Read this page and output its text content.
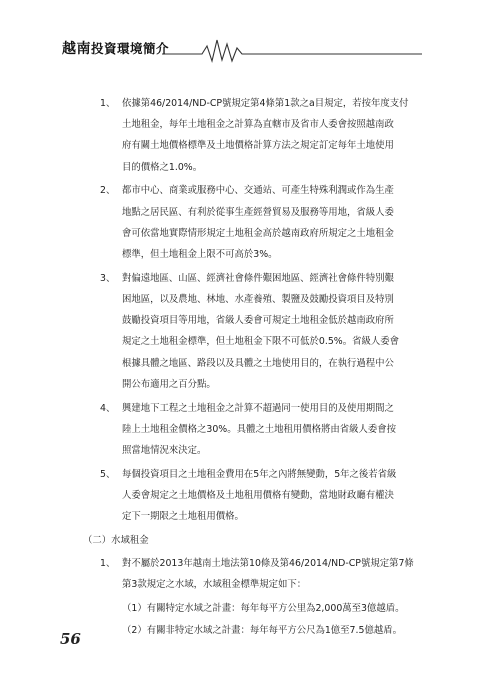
越南投資環境簡介
1、 依據第46/2014/ND-CP號規定第4條第1款之a目規定，若按年度支付
土地租金，每年土地租金之計算為直轄市及省市人委會按照越南政
府有關土地價格標準及土地價格計算方法之規定訂定每年土地使用
目的價格之1.0%。
2、 都市中心、商業或服務中心、交通站、可產生特殊利潤或作為生產
地點之居民區、有利於從事生產經營貿易及服務等用地，省級人委
會可依當地實際情形規定土地租金高於越南政府所規定之土地租金
標準，但土地租金上限不可高於3%。
3、 對偏遠地區、山區、經濟社會條件艱困地區、經濟社會條件特別艱
困地區，以及農地、林地、水產養殖、製鹽及鼓勵投資項目及特別
鼓勵投資項目等用地，省級人委會可規定土地租金低於越南政府所
規定之土地租金標準，但土地租金下限不可低於0.5%。省級人委會
根據具體之地區、路段以及具體之土地使用目的，在執行過程中公
開公布適用之百分點。
4、 興建地下工程之土地租金之計算不超過同一使用目的及使用期間之
陸上土地租金價格之30%。具體之土地租用價格將由省級人委會按
照當地情況來決定。
5、 每個投資項目之土地租金費用在5年之內將無變動，5年之後若省級
人委會規定之土地價格及土地租用價格有變動，當地財政廳有權決
定下一期限之土地租用價格。
（二）水域租金
1、 對不屬於2013年越南土地法第10條及第46/2014/ND-CP號規定第7條
第3款規定之水域，水域租金標準規定如下：
（1）有關特定水域之計畫：每年每平方公里為2,000萬至3億越盾。
（2）有關非特定水域之計畫：每年每平方公尺為1億至7.5億越盾。
56
